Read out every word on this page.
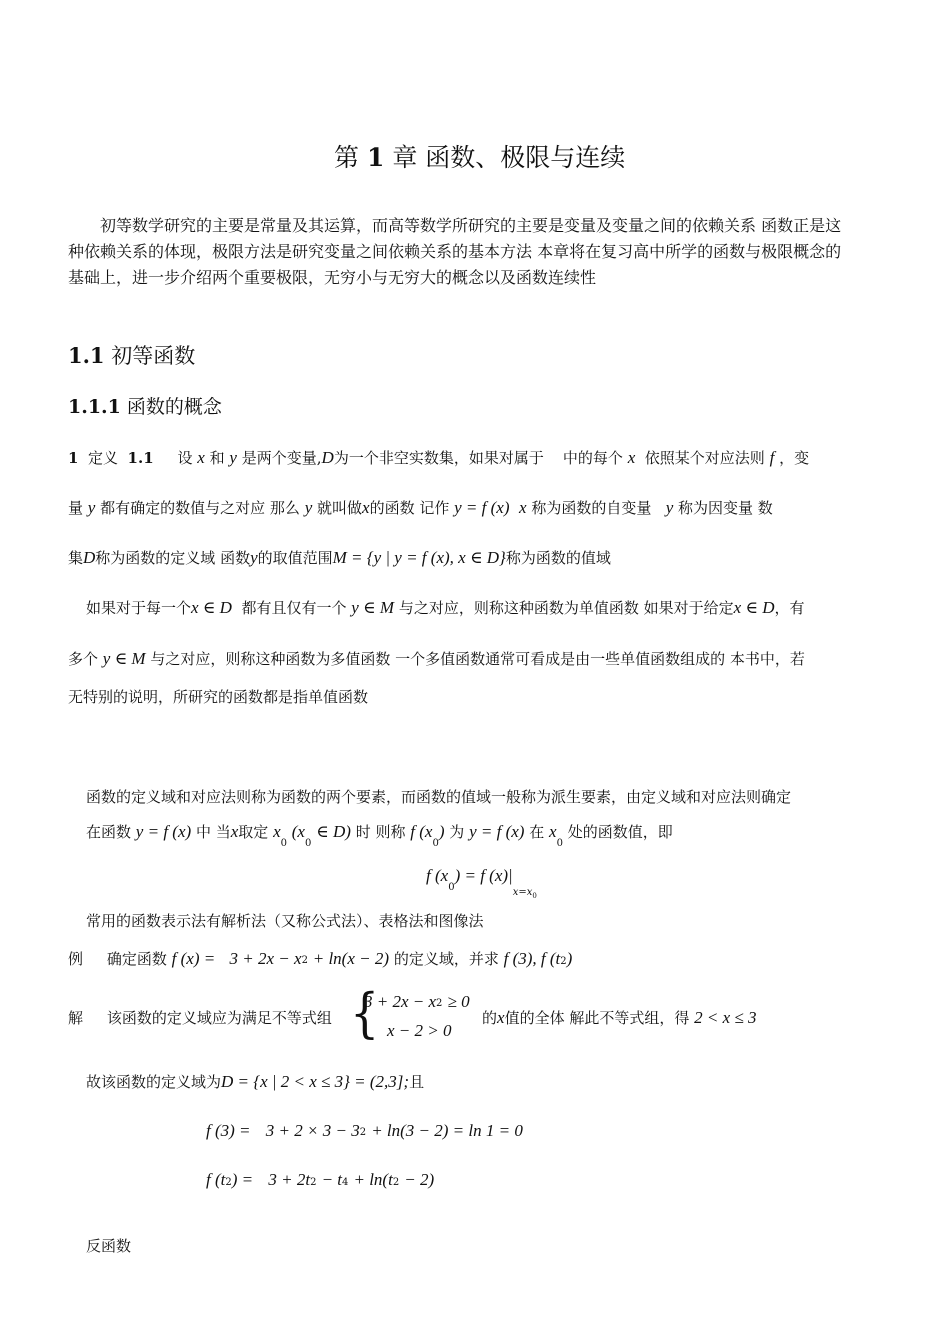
第 1 章 函数、极限与连续
初等数学研究的主要是常量及其运算，而高等数学所研究的主要是变量及变量之间的依赖关系 函数正是这
种依赖关系的体现，极限方法是研究变量之间依赖关系的基本方法 本章将在复习高中所学的函数与极限概念的
基础上，进一步介绍两个重要极限，无穷小与无穷大的概念以及函数连续性
1.1 初等函数
1.1.1 函数的概念
1 定义 1.1 设 x 和 y 是两个变量,D为一个非空实数集，如果对属于 中的每个 x 依照某个对应法则 f ，变
量 y 都有确定的数值与之对应 那么 y 就叫做x的函数 记作 y = f (x) x 称为函数的自变量 y 称为因变量 数
集D称为函数的定义域 函数y的取值范围M = {y | y = f (x), x ∈ D}称为函数的值域
如果对于每一个x ∈ D 都有且仅有一个 y ∈ M 与之对应，则称这种函数为单值函数 如果对于给定x ∈ D，有
多个 y ∈ M 与之对应，则称这种函数为多值函数 一个多值函数通常可看成是由一些单值函数组成的 本书中，若
无特别的说明，所研究的函数都是指单值函数
函数的定义域和对应法则称为函数的两个要素，而函数的值域一般称为派生要素，由定义域和对应法则确定
在函数 y = f (x) 中 当x取定 $x_0$ ($x_0$ ∈ D) 时 则称 f $(x_0)$ 为 y = f (x) 在 $x_0$ 处的函数值，即
f $(x_0) = f$ $(x)|_{x=x0}$
常用的函数表示法有解析法（又称公式法）、表格法和图像法
例 确定函数 f (x) = 3 + 2x − x2 + ln(x − 2) 的定义域，并求 f (3), f (t2)
解 该函数的定义域应为满足不等式组 {
3 + 2x − x2 ≥ 0
x − 2 > 0
的x值的全体 解此不等式组，得 2 < x ≤ 3
故该函数的定义域为D = {x | 2 < x ≤ 3} = (2,3];且
f (3) = 3 + 2 × 3 − 32 + ln(3 − 2) = ln 1 = 0
f (t2) = 3 + 2t2 − t4 + ln(t2 − 2)
反函数
